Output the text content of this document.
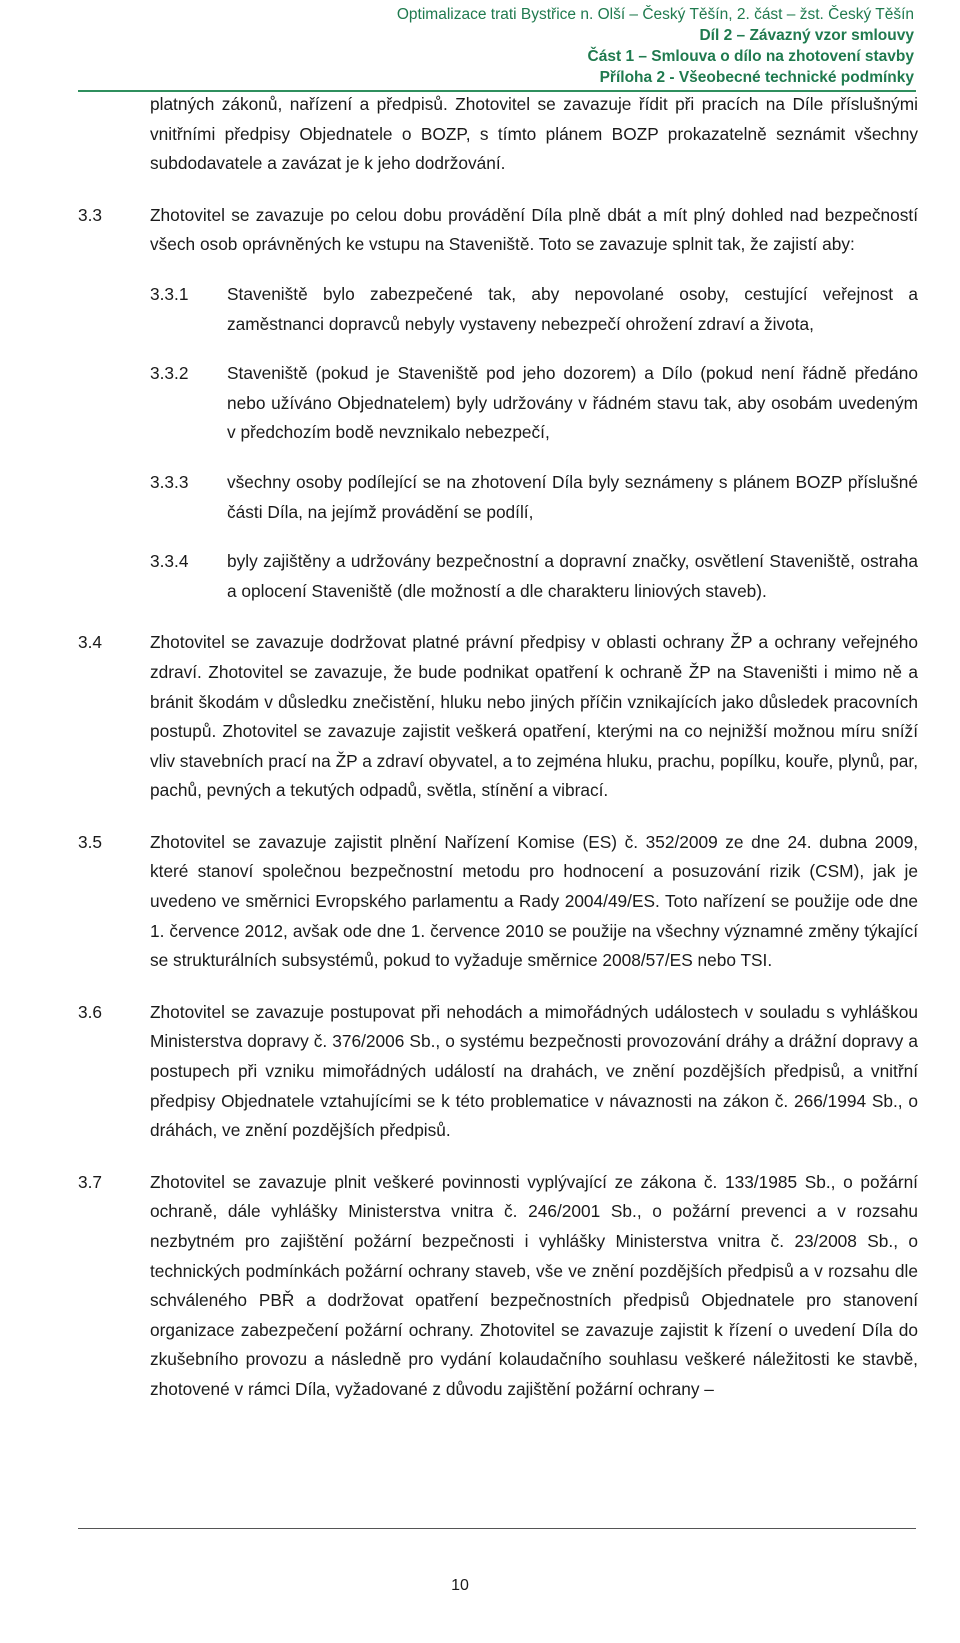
Optimalizace trati Bystřice n. Olší – Český Těšín, 2. část – žst. Český Těšín
Díl 2 – Závazný vzor smlouvy
Část 1 – Smlouva o dílo na zhotovení stavby
Příloha 2 - Všeobecné technické podmínky
platných zákonů, nařízení a předpisů. Zhotovitel se zavazuje řídit při pracích na Díle příslušnými vnitřními předpisy Objednatele o BOZP, s tímto plánem BOZP prokazatelně seznámit všechny subdodavatele a zavázat je k jeho dodržování.
3.3	Zhotovitel se zavazuje po celou dobu provádění Díla plně dbát a mít plný dohled nad bezpečností všech osob oprávněných ke vstupu na Staveniště. Toto se zavazuje splnit tak, že zajistí aby:
3.3.1	Staveniště bylo zabezpečené tak, aby nepovolané osoby, cestující veřejnost a zaměstnanci dopravců nebyly vystaveny nebezpečí ohrožení zdraví a života,
3.3.2	Staveniště (pokud je Staveniště pod jeho dozorem) a Dílo (pokud není řádně předáno nebo užíváno Objednatelem) byly udržovány v řádném stavu tak, aby osobám uvedeným v předchozím bodě nevznikalo nebezpečí,
3.3.3	všechny osoby podílející se na zhotovení Díla byly seznámeny s plánem BOZP příslušné části Díla, na jejímž provádění se podílí,
3.3.4	byly zajištěny a udržovány bezpečnostní a dopravní značky, osvětlení Staveniště, ostraha a oplocení Staveniště (dle možností a dle charakteru liniových staveb).
3.4	Zhotovitel se zavazuje dodržovat platné právní předpisy v oblasti ochrany ŽP a ochrany veřejného zdraví. Zhotovitel se zavazuje, že bude podnikat opatření k ochraně ŽP na Staveništi i mimo ně a bránit škodám v důsledku znečistění, hluku nebo jiných příčin vznikajících jako důsledek pracovních postupů. Zhotovitel se zavazuje zajistit veškerá opatření, kterými na co nejnižší možnou míru sníží vliv stavebních prací na ŽP a zdraví obyvatel, a to zejména hluku, prachu, popílku, kouře, plynů, par, pachů, pevných a tekutých odpadů, světla, stínění a vibrací.
3.5	Zhotovitel se zavazuje zajistit plnění Nařízení Komise (ES) č. 352/2009 ze dne 24. dubna 2009, které stanoví společnou bezpečnostní metodu pro hodnocení a posuzování rizik (CSM), jak je uvedeno ve směrnici Evropského parlamentu a Rady 2004/49/ES. Toto nařízení se použije ode dne 1. července 2012, avšak ode dne 1. července 2010 se použije na všechny významné změny týkající se strukturálních subsystémů, pokud to vyžaduje směrnice 2008/57/ES nebo TSI.
3.6	Zhotovitel se zavazuje postupovat při nehodách a mimořádných událostech v souladu s vyhláškou Ministerstva dopravy č. 376/2006 Sb., o systému bezpečnosti provozování dráhy a drážní dopravy a postupech při vzniku mimořádných událostí na drahách, ve znění pozdějších předpisů, a vnitřní předpisy Objednatele vztahujícími se k této problematice v návaznosti na zákon č. 266/1994 Sb., o dráhách, ve znění pozdějších předpisů.
3.7	Zhotovitel se zavazuje plnit veškeré povinnosti vyplývající ze zákona č. 133/1985 Sb., o požární ochraně, dále vyhlášky Ministerstva vnitra č. 246/2001 Sb., o požární prevenci a v rozsahu nezbytném pro zajištění požární bezpečnosti i vyhlášky Ministerstva vnitra č. 23/2008 Sb., o technických podmínkách požární ochrany staveb, vše ve znění pozdějších předpisů a v rozsahu dle schváleného PBŘ a dodržovat opatření bezpečnostních předpisů Objednatele pro stanovení organizace zabezpečení požární ochrany. Zhotovitel se zavazuje zajistit k řízení o uvedení Díla do zkušebního provozu a následně pro vydání kolaudačního souhlasu veškeré náležitosti ke stavbě, zhotovené v rámci Díla, vyžadované z důvodu zajištění požární ochrany –
10
